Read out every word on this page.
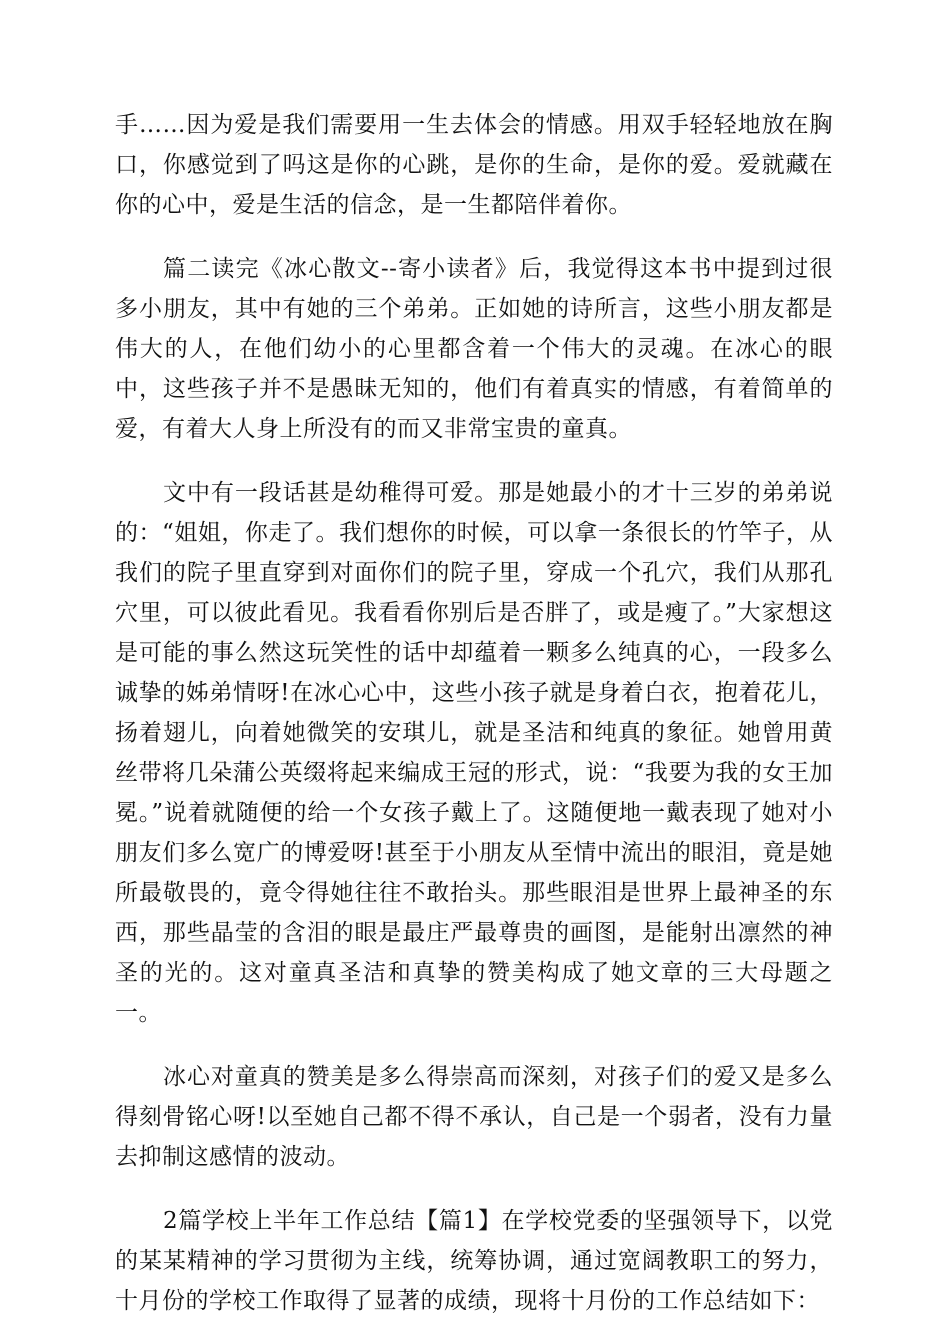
手……因为爱是我们需要用一生去体会的情感。用双手轻轻地放在胸口，你感觉到了吗这是你的心跳，是你的生命，是你的爱。爱就藏在你的心中，爱是生活的信念，是一生都陪伴着你。

篇二读完《冰心散文--寄小读者》后，我觉得这本书中提到过很多小朋友，其中有她的三个弟弟。正如她的诗所言，这些小朋友都是伟大的人，在他们幼小的心里都含着一个伟大的灵魂。在冰心的眼中，这些孩子并不是愚昧无知的，他们有着真实的情感，有着简单的爱，有着大人身上所没有的而又非常宝贵的童真。

文中有一段话甚是幼稚得可爱。那是她最小的才十三岁的弟弟说的：“姐姐，你走了。我们想你的时候，可以拿一条很长的竹竿子，从我们的院子里直穿到对面你们的院子里，穿成一个孔穴，我们从那孔穴里，可以彼此看见。我看看你别后是否胖了，或是瘦了。”大家想这是可能的事么然这玩笑性的话中却蕴着一颗多么纯真的心，一段多么诚挚的姊弟情呀!在冰心心中，这些小孩子就是身着白衣，抱着花儿，扬着翅儿，向着她微笑的安琪儿，就是圣洁和纯真的象征。她曾用黄丝带将几朵蒲公英缀将起来编成王冠的形式，说：“我要为我的女王加冕。”说着就随便的给一个女孩子戴上了。这随便地一戴表现了她对小朋友们多么宽广的博爱呀!甚至于小朋友从至情中流出的眼泪，竟是她所最敬畏的，竟令得她往往不敢抬头。那些眼泪是世界上最神圣的东西，那些晶莹的含泪的眼是最庄严最尊贵的画图，是能射出凛然的神圣的光的。这对童真圣洁和真挚的赞美构成了她文章的三大母题之一。

冰心对童真的赞美是多么得崇高而深刻，对孩子们的爱又是多么得刻骨铭心呀!以至她自己都不得不承认，自己是一个弱者，没有力量去抑制这感情的波动。

2篇学校上半年工作总结【篇1】在学校党委的坚强领导下，以党的某某精神的学习贯彻为主线，统筹协调，通过宽阔教职工的努力，十月份的学校工作取得了显著的成绩，现将十月份的工作总结如下：
